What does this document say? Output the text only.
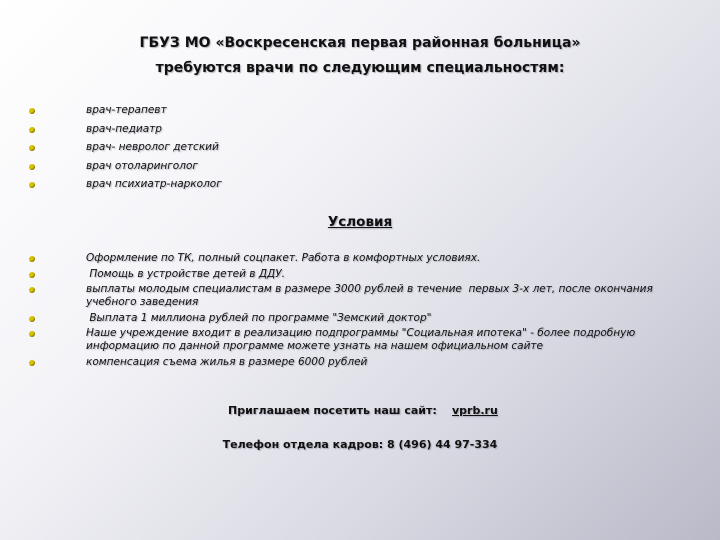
ГБУЗ МО «Воскресенская первая районная больница»
требуются врачи по следующим специальностям:
врач-терапевт
врач-педиатр
врач- невролог детский
врач отоларинголог
врач психиатр-нарколог
Условия
Оформление по ТК, полный соцпакет. Работа в комфортных условиях.
Помощь в устройстве детей в ДДУ.
выплаты молодым специалистам в размере 3000 рублей в течение  первых 3-х лет, после окончания учебного заведения
Выплата 1 миллиона рублей по программе "Земский доктор"
Наше учреждение входит в реализацию подпрограммы "Социальная ипотека" - более подробную информацию по данной программе можете узнать на нашем официальном сайте
компенсация съема жилья в размере 6000 рублей
Приглашаем посетить наш сайт: vprb.ru
Телефон отдела кадров: 8 (496) 44 97-334
